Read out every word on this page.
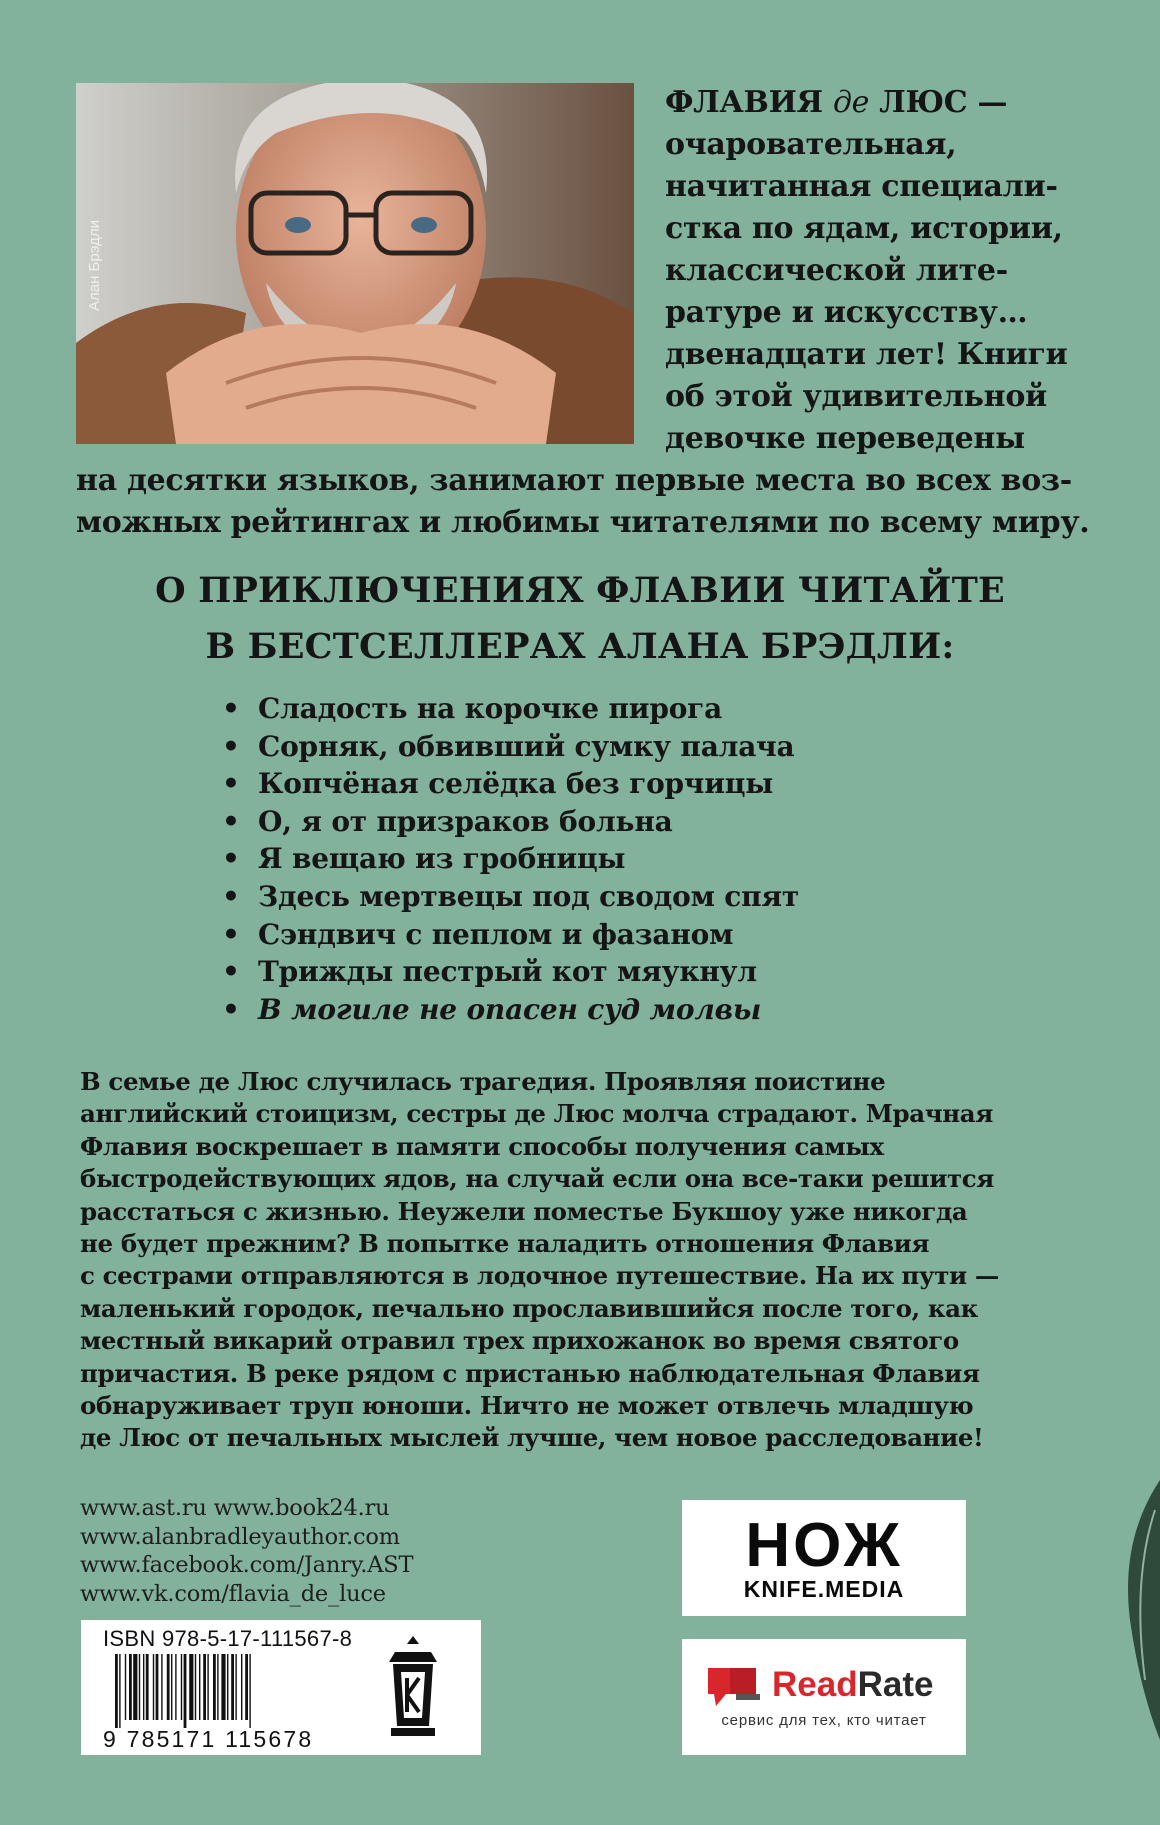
Алан Брэдли
ФЛАВИЯ де ЛЮС —
очаровательная,
начитанная специали-
стка по ядам, истории,
классической лите-
ратуре и искусству…
двенадцати лет! Книги
об этой удивительной
девочке переведены
на десятки языков, занимают первые места во всех воз-
можных рейтингах и любимы читателями по всему миру.
О ПРИКЛЮЧЕНИЯХ ФЛАВИИ ЧИТАЙТЕ
В БЕСТСЕЛЛЕРАХ АЛАНА БРЭДЛИ:
• Сладость на корочке пирога
• Сорняк, обвивший сумку палача
• Копчёная селёдка без горчицы
• О, я от призраков больна
• Я вещаю из гробницы
• Здесь мертвецы под сводом спят
• Сэндвич с пеплом и фазаном
• Трижды пестрый кот мяукнул
• В могиле не опасен суд молвы
В семье де Люс случилась трагедия. Проявляя поистине
английский стоицизм, сестры де Люс молча страдают. Мрачная
Флавия воскрешает в памяти способы получения самых
быстродействующих ядов, на случай если она все-таки решится
расстаться с жизнью. Неужели поместье Букшоу уже никогда
не будет прежним? В попытке наладить отношения Флавия
с сестрами отправляются в лодочное путешествие. На их пути —
маленький городок, печально прославившийся после того, как
местный викарий отравил трех прихожанок во время святого
причастия. В реке рядом с пристанью наблюдательная Флавия
обнаруживает труп юноши. Ничто не может отвлечь младшую
де Люс от печальных мыслей лучше, чем новое расследование!
www.ast.ru www.book24.ru
www.alanbradleyauthor.com
www.facebook.com/Janry.AST
www.vk.com/flavia_de_luce
ISBN 978-5-17-111567-8
9 785171 115678
НОЖ
KNIFE.MEDIA
ReadRate
сервис для тех, кто читает
